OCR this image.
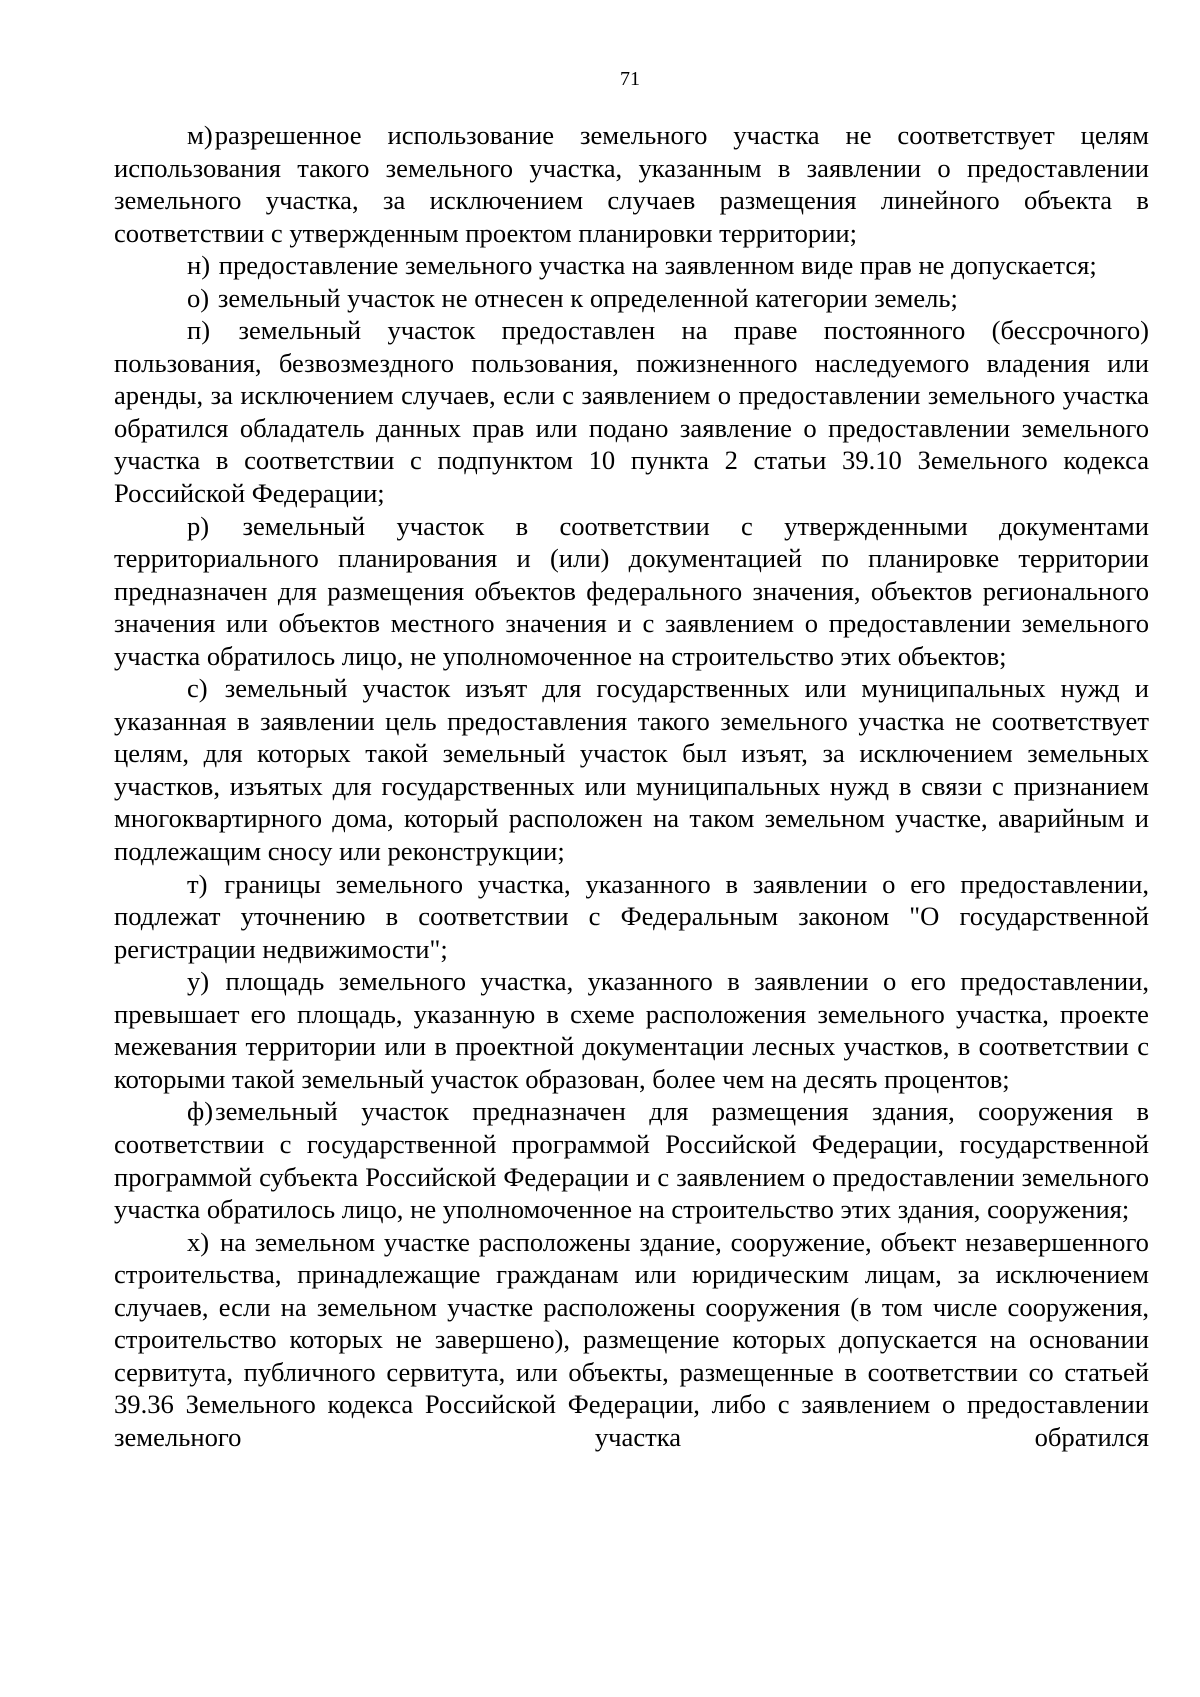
71

м)разрешенное использование земельного участка не соответствует целям использования такого земельного участка, указанным в заявлении о предоставлении земельного участка, за исключением случаев размещения линейного объекта в соответствии с утвержденным проектом планировки территории;

н) предоставление земельного участка на заявленном виде прав не допускается;

о) земельный участок не отнесен к определенной категории земель;

п) земельный участок предоставлен на праве постоянного (бессрочного) пользования, безвозмездного пользования, пожизненного наследуемого владения или аренды, за исключением случаев, если с заявлением о предоставлении земельного участка обратился обладатель данных прав или подано заявление о предоставлении земельного участка в соответствии с подпунктом 10 пункта 2 статьи 39.10 Земельного кодекса Российской Федерации;

р) земельный участок в соответствии с утвержденными документами территориального планирования и (или) документацией по планировке территории предназначен для размещения объектов федерального значения, объектов регионального значения или объектов местного значения и с заявлением о предоставлении земельного участка обратилось лицо, не уполномоченное на строительство этих объектов;

с) земельный участок изъят для государственных или муниципальных нужд и указанная в заявлении цель предоставления такого земельного участка не соответствует целям, для которых такой земельный участок был изъят, за исключением земельных участков, изъятых для государственных или муниципальных нужд в связи с признанием многоквартирного дома, который расположен на таком земельном участке, аварийным и подлежащим сносу или реконструкции;

т) границы земельного участка, указанного в заявлении о его предоставлении, подлежат уточнению в соответствии с Федеральным законом "О государственной регистрации недвижимости";

у) площадь земельного участка, указанного в заявлении о его предоставлении, превышает его площадь, указанную в схеме расположения земельного участка, проекте межевания территории или в проектной документации лесных участков, в соответствии с которыми такой земельный участок образован, более чем на десять процентов;

ф)земельный участок предназначен для размещения здания, сооружения в соответствии с государственной программой Российской Федерации, государственной программой субъекта Российской Федерации и с заявлением о предоставлении земельного участка обратилось лицо, не уполномоченное на строительство этих здания, сооружения;

х) на земельном участке расположены здание, сооружение, объект незавершенного строительства, принадлежащие гражданам или юридическим лицам, за исключением случаев, если на земельном участке расположены сооружения (в том числе сооружения, строительство которых не завершено), размещение которых допускается на основании сервитута, публичного сервитута, или объекты, размещенные в соответствии со статьей 39.36 Земельного кодекса Российской Федерации, либо с заявлением о предоставлении земельного участка обратился
